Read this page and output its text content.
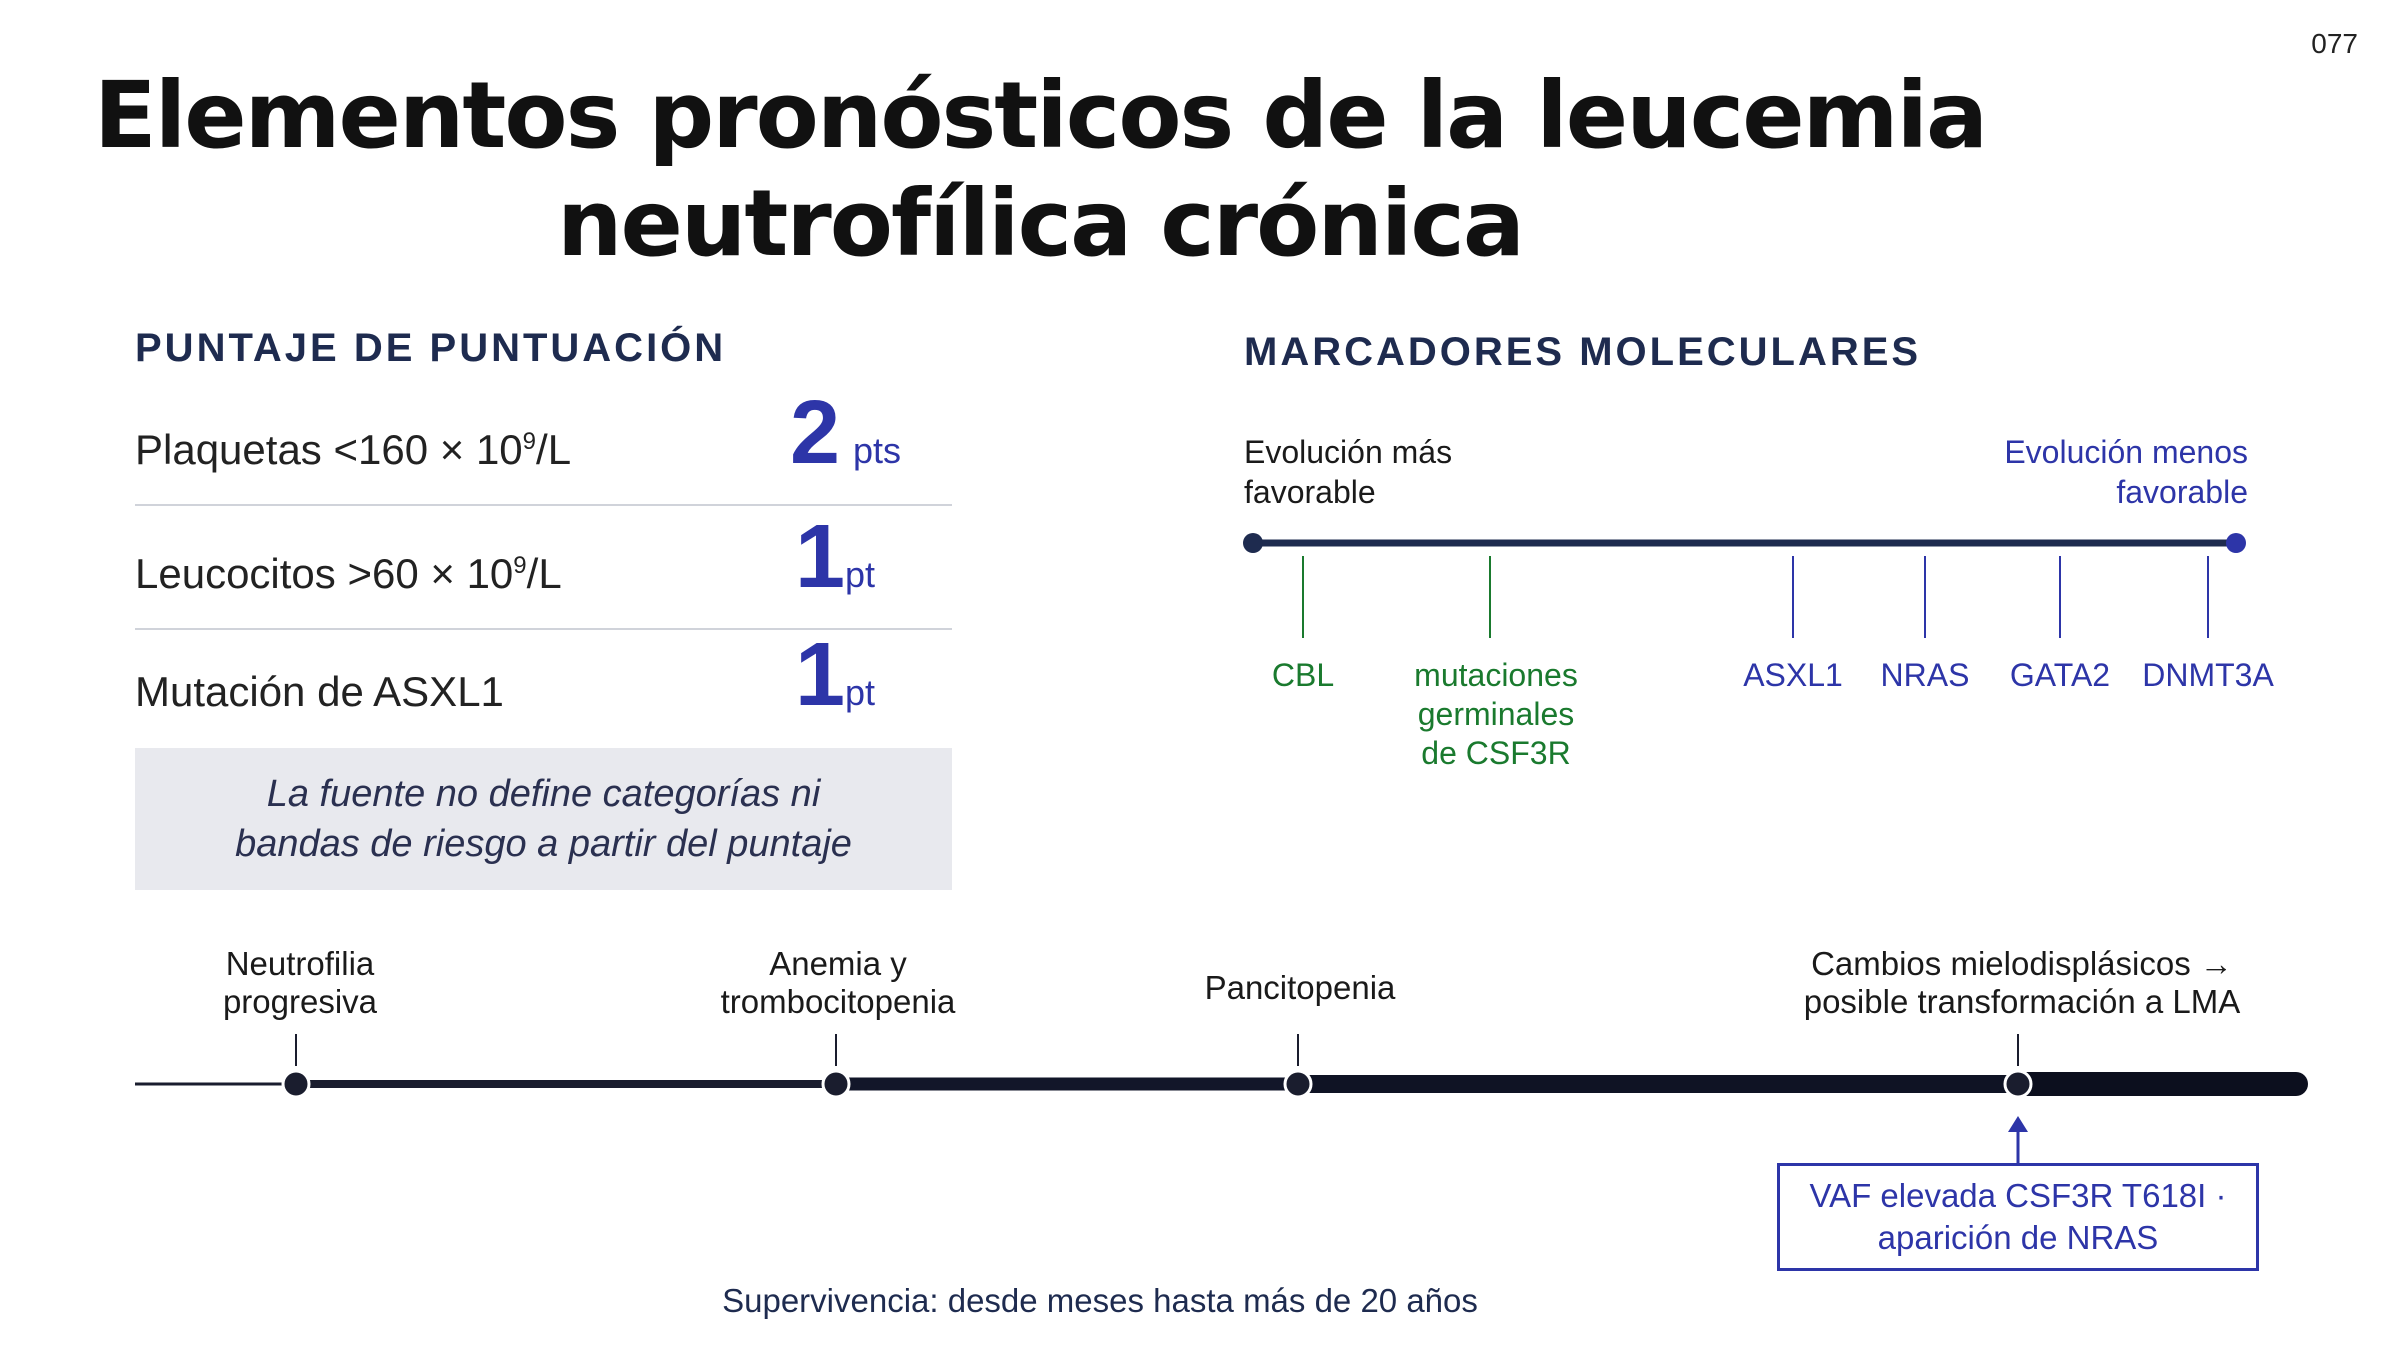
077
Elementos pronósticos de la leucemia
neutrofílica crónica
PUNTAJE DE PUNTUACIÓN
Plaquetas $<160 \times 10^9/L$ 2 pts
Leucocitos $>60 \times 10^9/L$	1 pt
Mutación de ASXL1	1 pt
La fuente no define categorías ni
bandas de riesgo a partir del puntaje
MARCADORES MOLECULARES
Evolución más
favorable
Evolución menos
favorable
CBL	mutaciones
germinales
de CSF3R
ASXL1 NRAS GATA2 DNMT3A
Neutrofilia
progresiva
Anemia y
trombocitopenia	Pancitopenia
Cambios mielodisplásicos →
posible transformación a LMA
VAF elevada CSF3R T618I ·
aparición de NRAS
Supervivencia: desde meses hasta más de 20 años
